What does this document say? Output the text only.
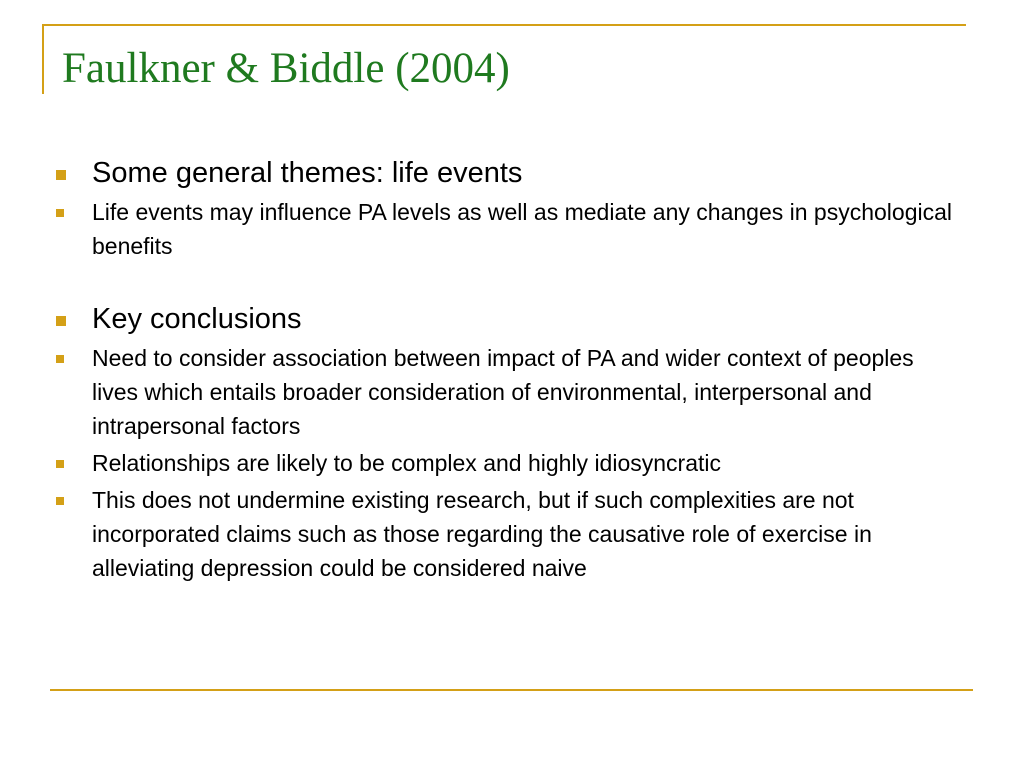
Faulkner & Biddle (2004)
Some general themes: life events
Life events may influence PA levels as well as mediate any changes in psychological benefits
Key conclusions
Need to consider association between impact of PA and wider context of peoples lives which entails broader consideration of environmental, interpersonal and intrapersonal factors
Relationships are likely to be complex and highly idiosyncratic
This does not undermine existing research, but if such complexities are not incorporated claims such as those regarding the causative role of exercise in alleviating depression could be considered naive
